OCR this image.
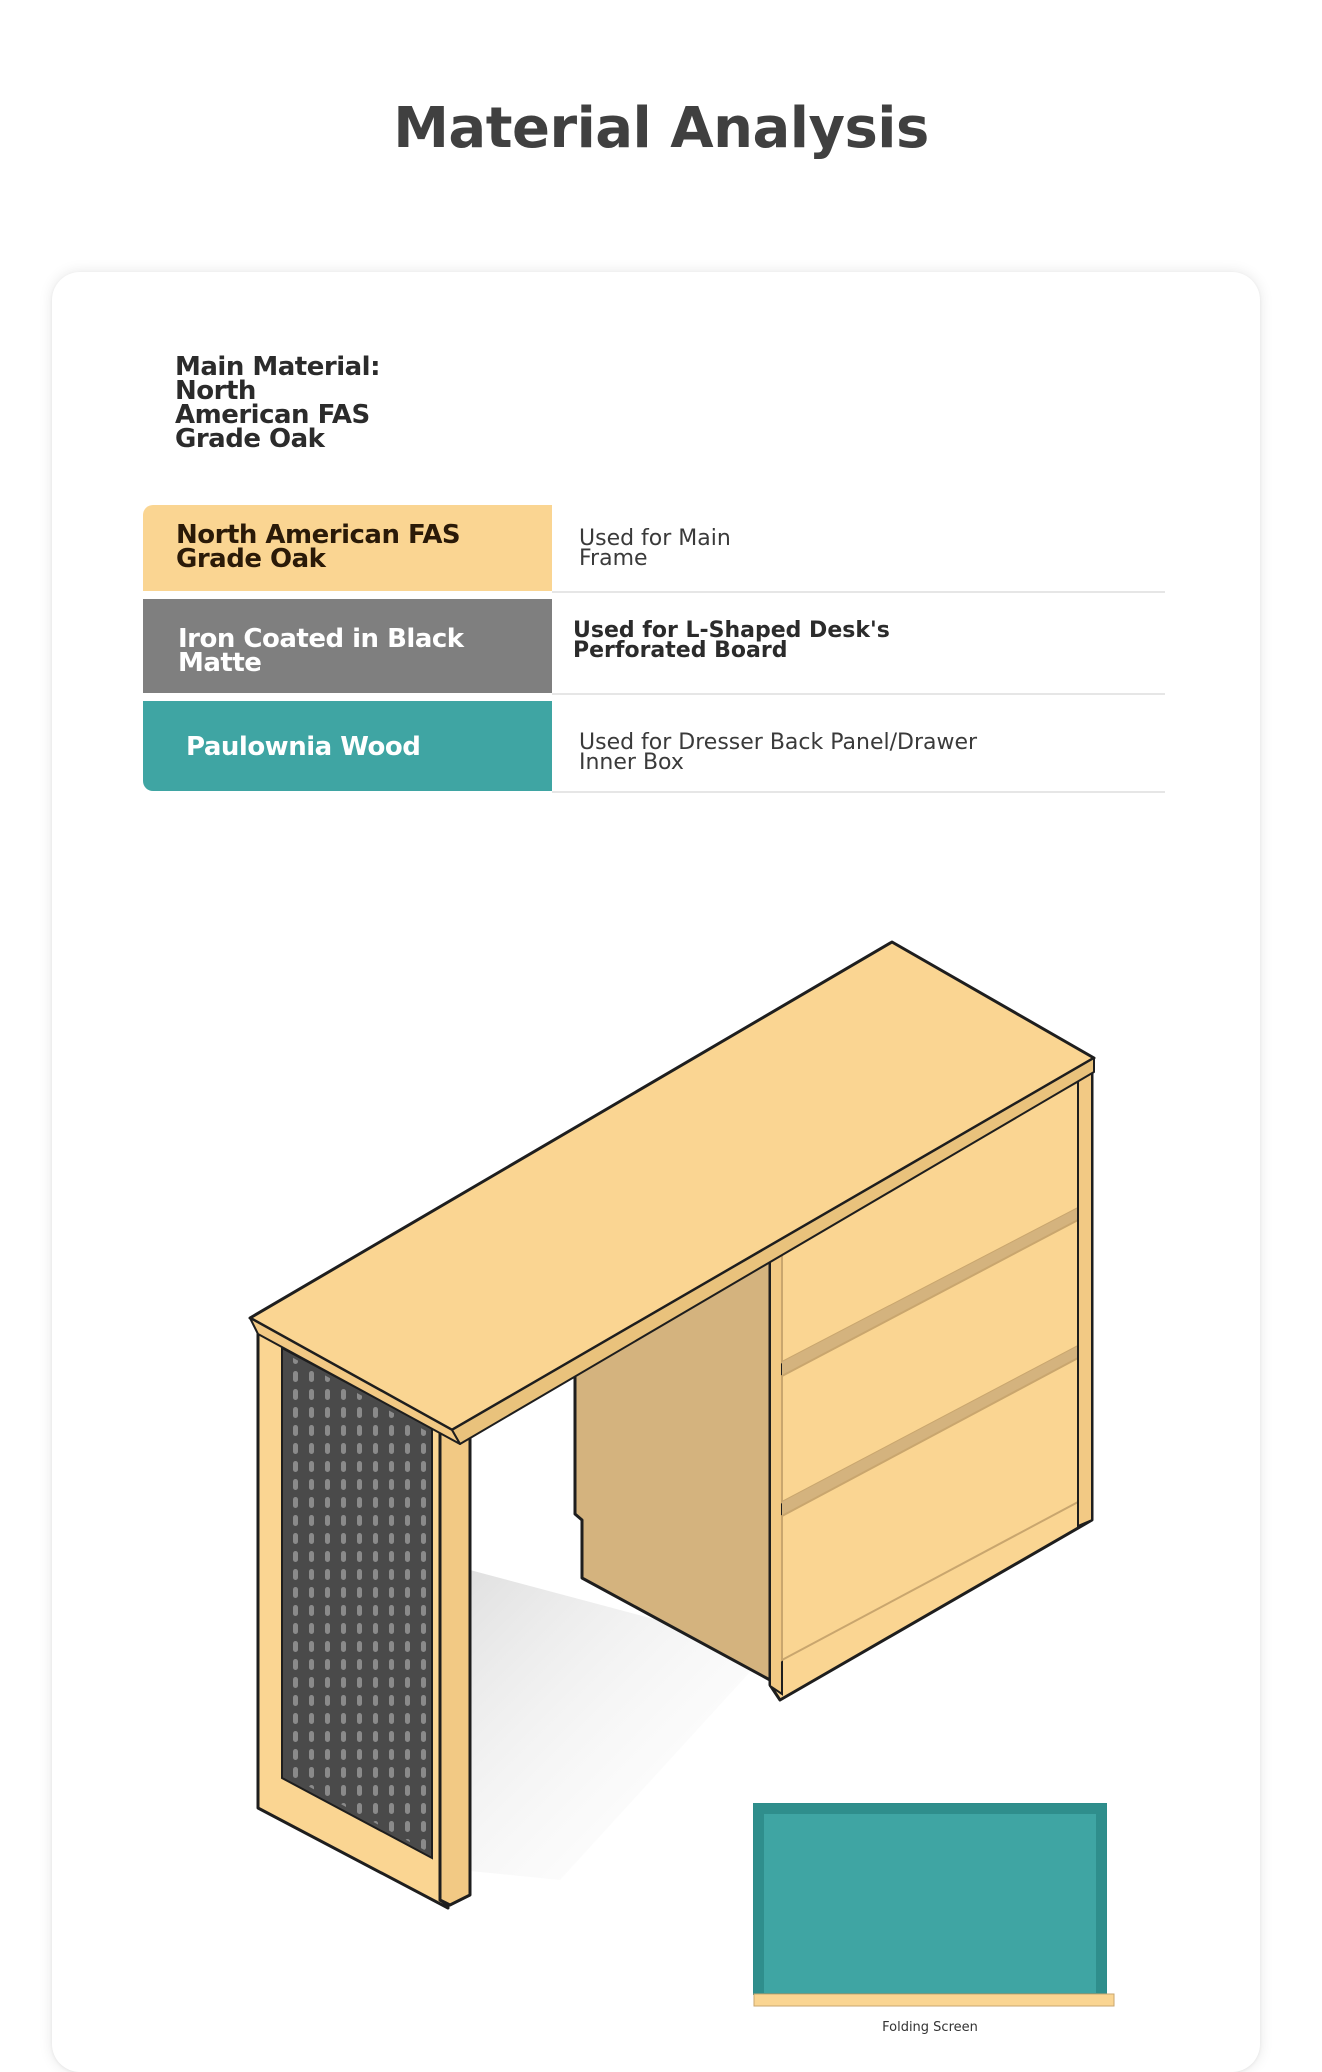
Material Analysis
Main Material: North American FAS Grade Oak
North American FAS Grade Oak
Used for Main Frame
Iron Coated in Black Matte
Used for L-Shaped Desk's Perforated Board
Paulownia Wood	Used for Dresser Back Panel/Drawer Inner Box
Folding Screen
